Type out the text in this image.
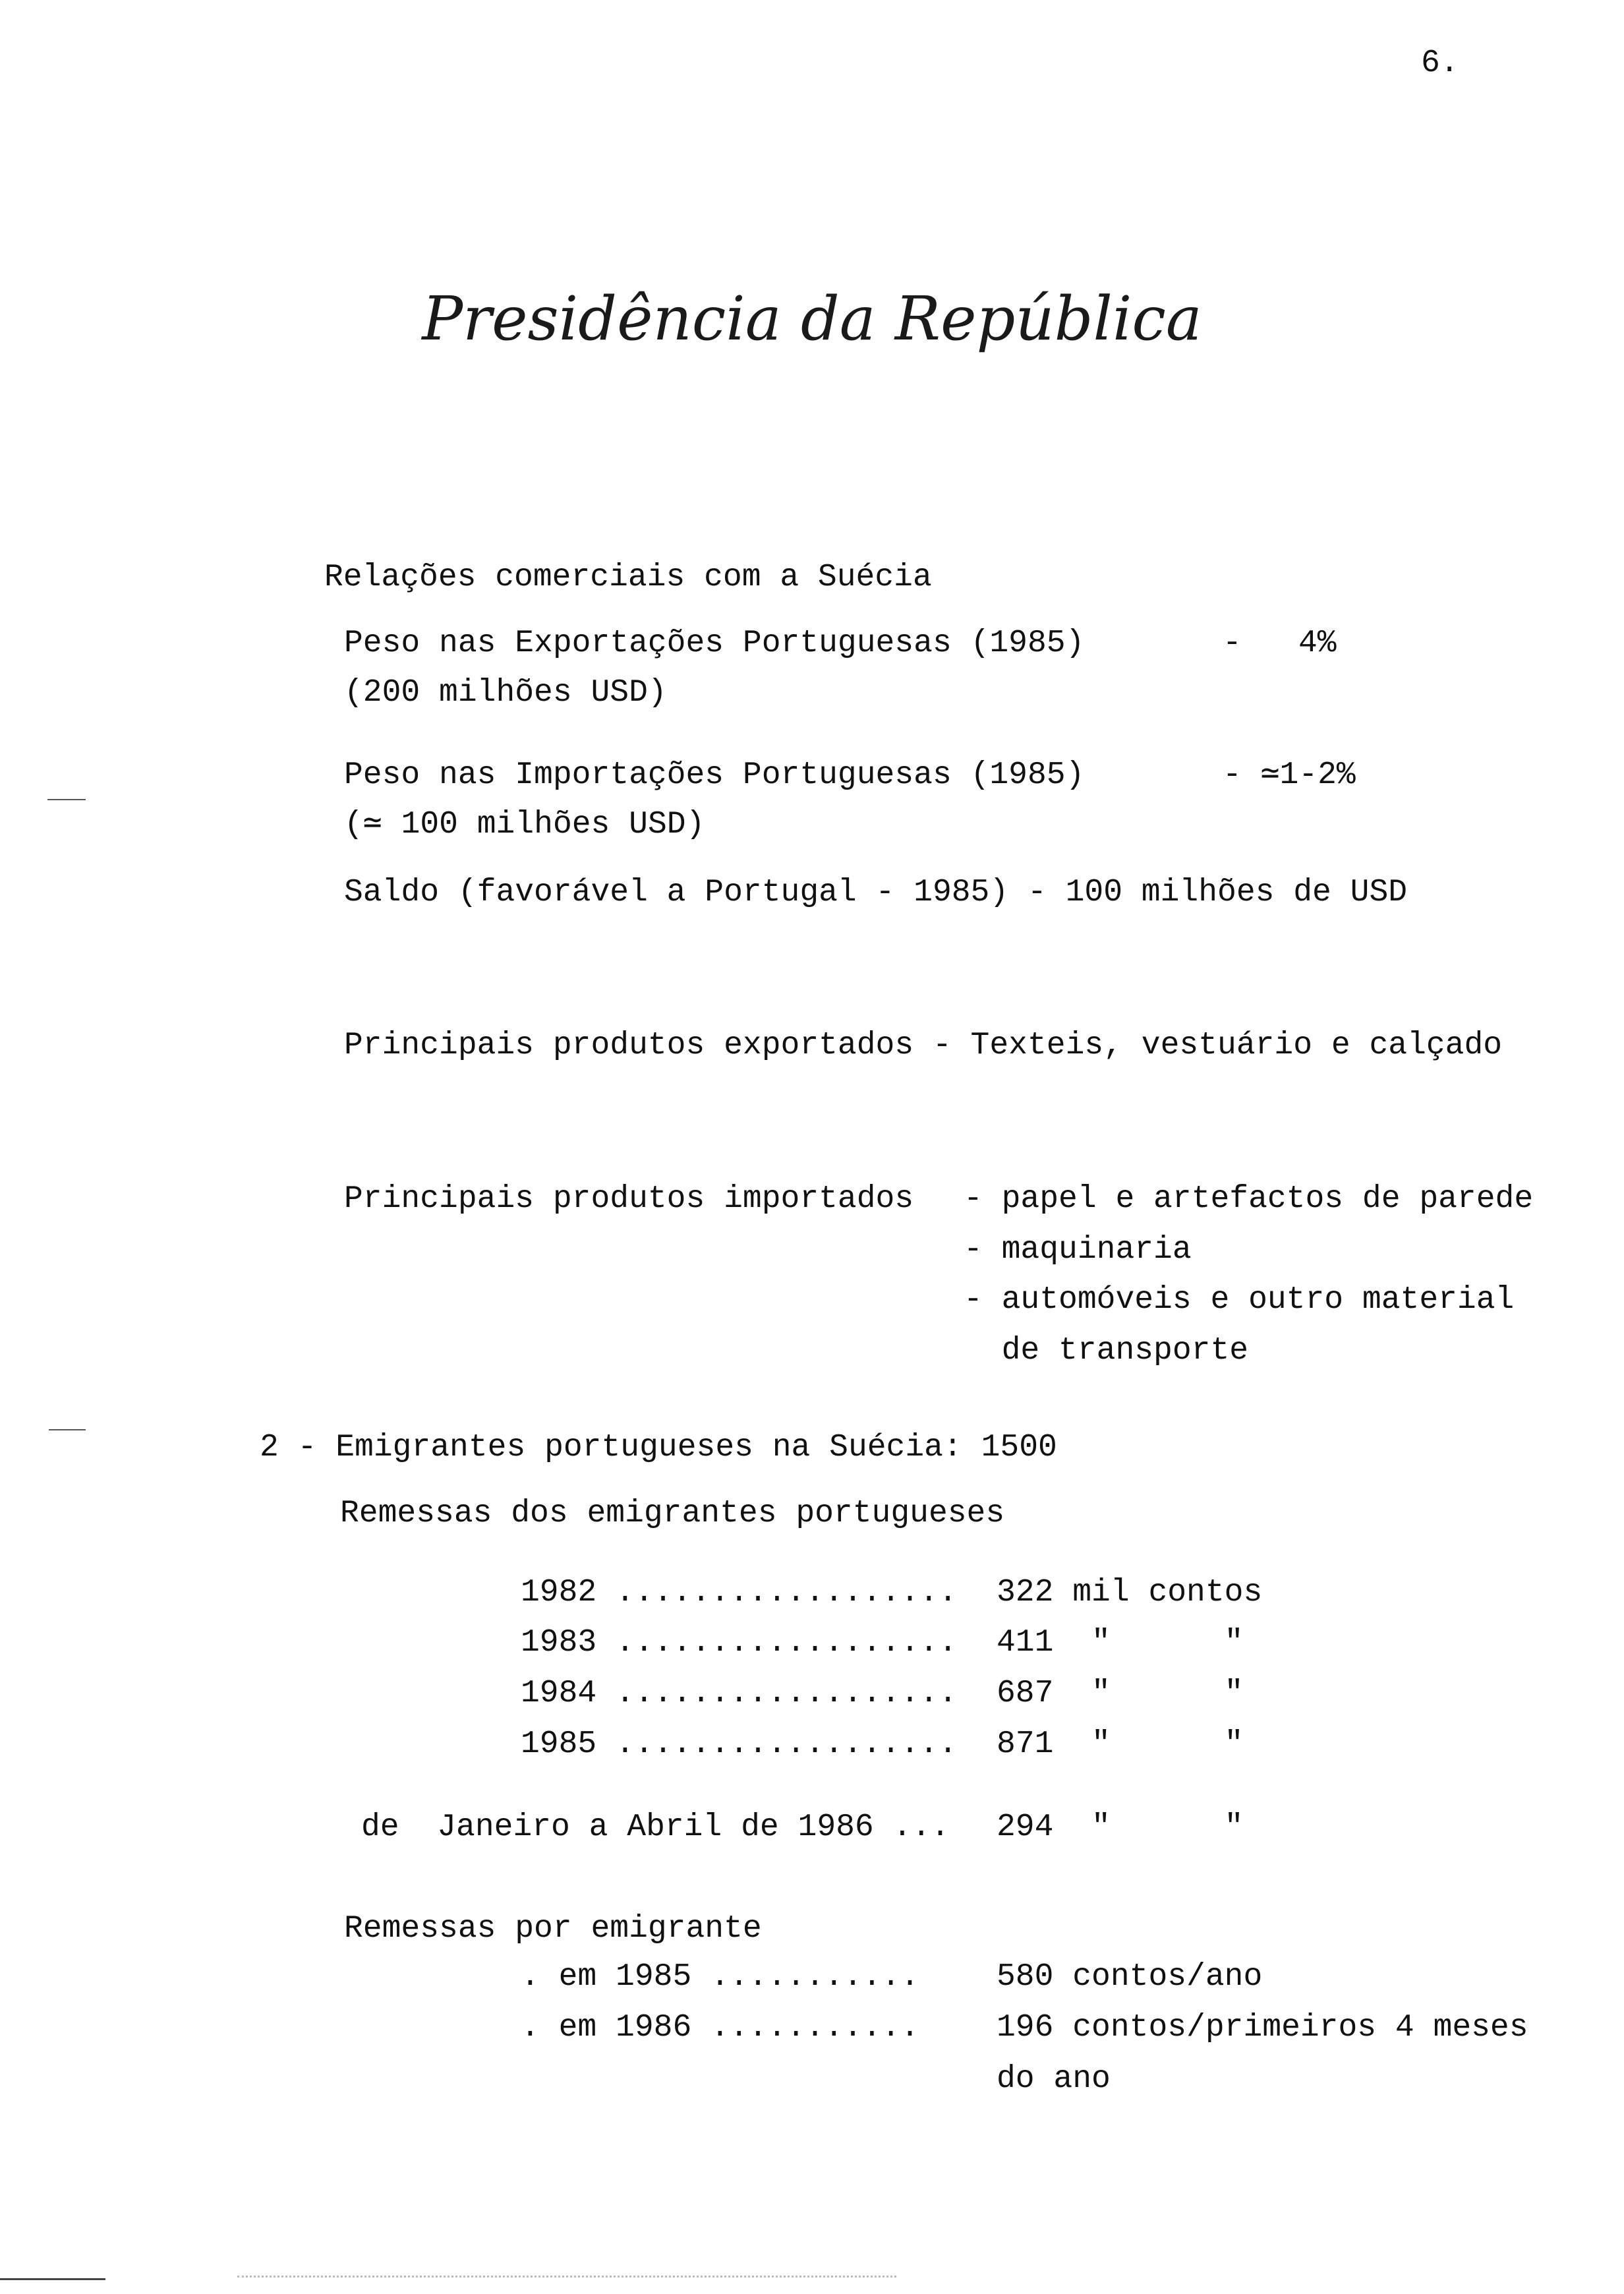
6.
Presidência da República
Relações comerciais com a Suécia
Peso nas Exportações Portuguesas (1985)	- 4%
(200 milhões USD)
Peso nas Importações Portuguesas (1985)	- ≃1-2%
(≃ 100 milhões USD)
Saldo (favorável a Portugal - 1985) - 100 milhões de USD
Principais produtos exportados - Texteis, vestuário e calçado
Principais produtos importados - papel e artefactos de parede
- maquinaria
- automóveis e outro material
de transporte
2 - Emigrantes portugueses na Suécia: 1500
Remessas dos emigrantes portugueses
1982 .................. 322 mil contos
1983 .................. 411  "      "
1984 .................. 687  "      "
1985 .................. 871  "      "
de  Janeiro a Abril de 1986 ... 294  "      "
Remessas por emigrante
. em 1985 ........... 580 contos/ano
. em 1986 ........... 196 contos/primeiros 4 meses
do ano
